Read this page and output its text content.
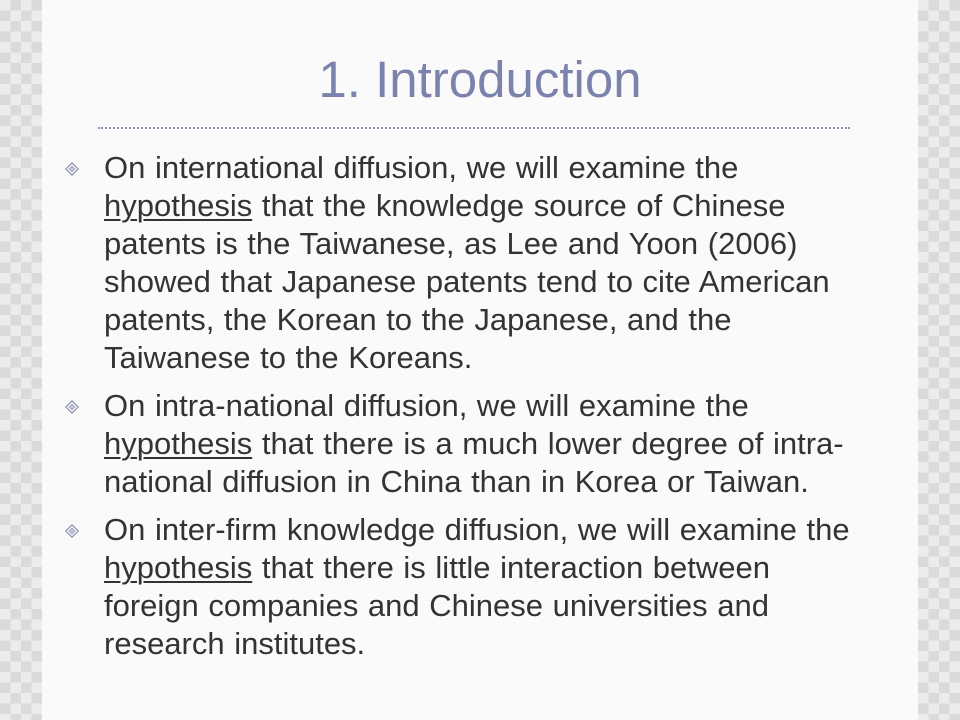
1. Introduction
On international diffusion, we will examine the
hypothesis that the knowledge source of Chinese
patents is the Taiwanese, as Lee and Yoon (2006)
showed that Japanese patents tend to cite American
patents, the Korean to the Japanese, and the
Taiwanese to the Koreans.
On intra-national diffusion, we will examine the
hypothesis that there is a much lower degree of intra-
national diffusion in China than in Korea or Taiwan.
On inter-firm knowledge diffusion, we will examine the
hypothesis that there is little interaction between
foreign companies and Chinese universities and
research institutes.
